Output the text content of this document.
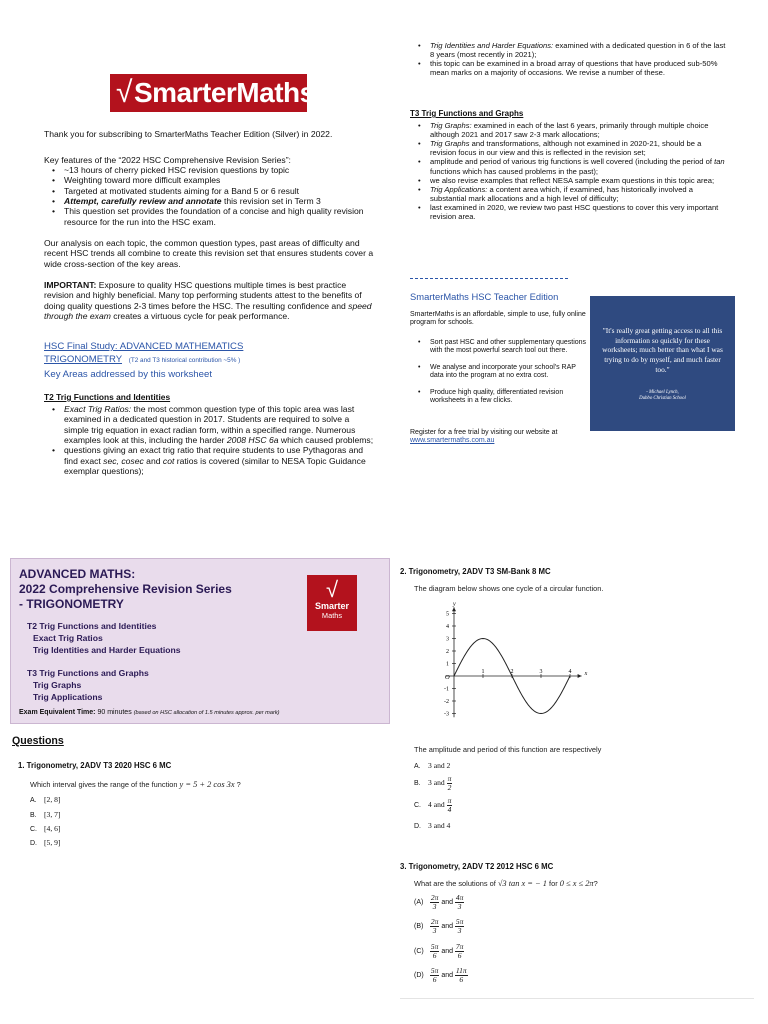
√ SmarterMaths
Thank you for subscribing to SmarterMaths Teacher Edition (Silver) in 2022.
Key features of the “2022 HSC Comprehensive Revision Series”:
• ~13 hours of cherry picked HSC revision questions by topic
• Weighting toward more difficult examples
• Targeted at motivated students aiming for a Band 5 or 6 result
• Attempt, carefully review and annotate this revision set in Term 3
• This question set provides the foundation of a concise and high quality revision resource for the run into the HSC exam.
Our analysis on each topic, the common question types, past areas of difficulty and recent HSC trends all combine to create this revision set that ensures students cover a wide cross-section of the key areas.
IMPORTANT: Exposure to quality HSC questions multiple times is best practice revision and highly beneficial. Many top performing students attest to the benefits of doing quality questions 2-3 times before the HSC. The resulting confidence and speed through the exam creates a virtuous cycle for peak performance.
HSC Final Study: ADVANCED MATHEMATICS
TRIGONOMETRY (T2 and T3 historical contribution ~5% )
Key Areas addressed by this worksheet
T2 Trig Functions and Identities
• Exact Trig Ratios: the most common question type of this topic area was last examined in a dedicated question in 2017. Students are required to solve a simple trig equation in exact radian form, within a specified range. Numerous examples look at this, including the harder 2008 HSC 6a which caused problems;
• questions giving an exact trig ratio that require students to use Pythagoras and find exact sec, cosec and cot ratios is covered (similar to NESA Topic Guidance exemplar questions);
• Trig Identities and Harder Equations: examined with a dedicated question in 6 of the last 8 years (most recently in 2021);
• this topic can be examined in a broad array of questions that have produced sub-50% mean marks on a majority of occasions. We revise a number of these.
T3 Trig Functions and Graphs
• Trig Graphs: examined in each of the last 6 years, primarily through multiple choice although 2021 and 2017 saw 2-3 mark allocations;
• Trig Graphs and transformations, although not examined in 2020-21, should be a revision focus in our view and this is reflected in the revision set;
• amplitude and period of various trig functions is well covered (including the period of tan functions which has caused problems in the past);
• we also revise examples that reflect NESA sample exam questions in this topic area;
• Trig Applications: a content area which, if examined, has historically involved a substantial mark allocations and a high level of difficulty;
• last examined in 2020, we review two past HSC questions to cover this very important revision area.
SmarterMaths HSC Teacher Edition
SmarterMaths is an affordable, simple to use, fully online program for schools.
• Sort past HSC and other supplementary questions with the most powerful search tool out there.
• We analyse and incorporate your school's RAP data into the program at no extra cost.
• Produce high quality, differentiated revision worksheets in a few clicks.
Register for a free trial by visiting our website at
www.smartermaths.com.au
"It's really great getting access to all this information so quickly for these worksheets; much better than what I was trying to do by myself, and much faster too."
- Michael Lynch,
Dubbo Christian School
ADVANCED MATHS:
2022 Comprehensive Revision Series
- TRIGONOMETRY
√
Smarter
Maths
T2 Trig Functions and Identities
Exact Trig Ratios
Trig Identities and Harder Equations
T3 Trig Functions and Graphs
Trig Graphs
Trig Applications
Exam Equivalent Time: 90 minutes (based on HSC allocation of 1.5 minutes approx. per mark)
Questions
1. Trigonometry, 2ADV T3 2020 HSC 6 MC
Which interval gives the range of the function y = 5 + 2 cos 3x ?
A. [2, 8]
B. [3, 7]
C. [4, 6]
D. [5, 9]
2. Trigonometry, 2ADV T3 SM-Bank 8 MC
The diagram below shows one cycle of a circular function.
5
4
3
2
1
-1
-2
-3
1	2	3	4
y
x
O
The amplitude and period of this function are respectively
A. 3 and 2
B. 3 and $\frac{\pi}{2}$
C. 4 and $\frac{\pi}{4}$
D. 3 and 4
3. Trigonometry, 2ADV T2 2012 HSC 6 MC
What are the solutions of √3 tan x = − 1 for 0 ≤ x ≤ 2π?
$(A) \frac{2\pi}{3}$ and $\frac{4\pi}{3}$
$(B) \frac{2\pi}{3}$ and $\frac{5\pi}{3}$
$(C) \frac{5\pi}{6}$ and $\frac{7\pi}{6}$
$(D) \frac{5\pi}{6}$ and $\frac{11\pi}{6}$
